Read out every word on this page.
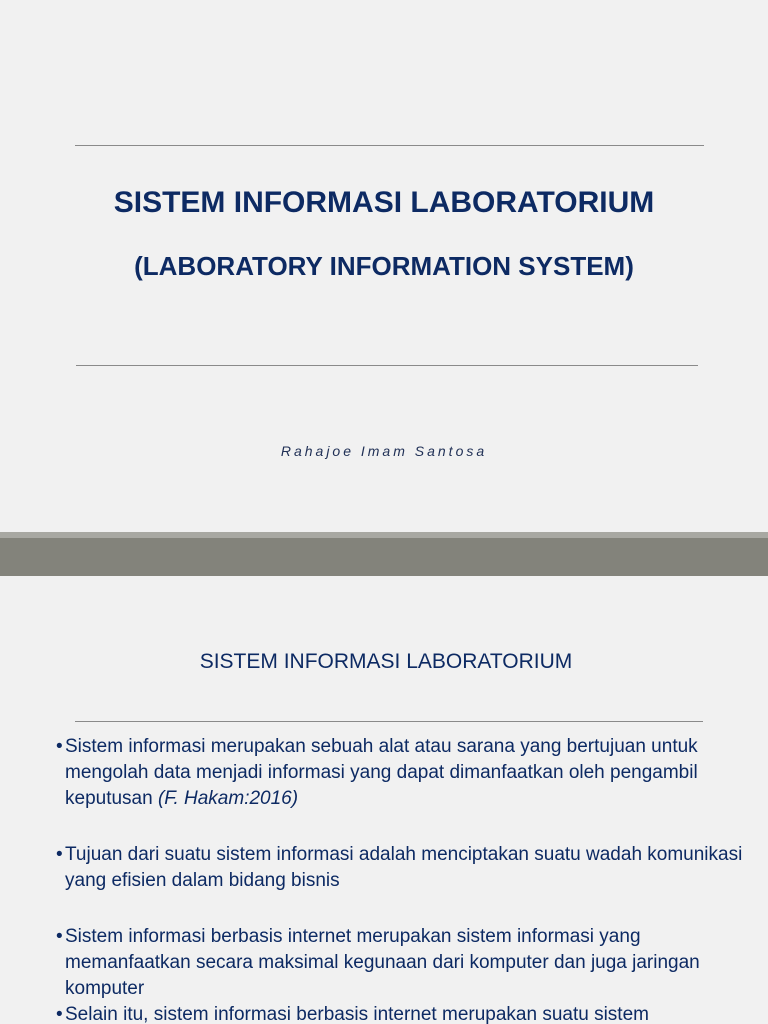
SISTEM INFORMASI LABORATORIUM
(LABORATORY INFORMATION SYSTEM)
Rahajoe Imam Santosa
SISTEM INFORMASI LABORATORIUM
• Sistem informasi merupakan sebuah alat atau sarana yang bertujuan untuk mengolah data menjadi informasi yang dapat dimanfaatkan oleh pengambil keputusan (F. Hakam:2016)
• Tujuan dari suatu sistem informasi adalah menciptakan suatu wadah komunikasi yang efisien dalam bidang bisnis
• Sistem informasi berbasis internet merupakan sistem informasi yang memanfaatkan secara maksimal kegunaan dari komputer dan juga jaringan komputer
• Selain itu, sistem informasi berbasis internet merupakan suatu sistem
